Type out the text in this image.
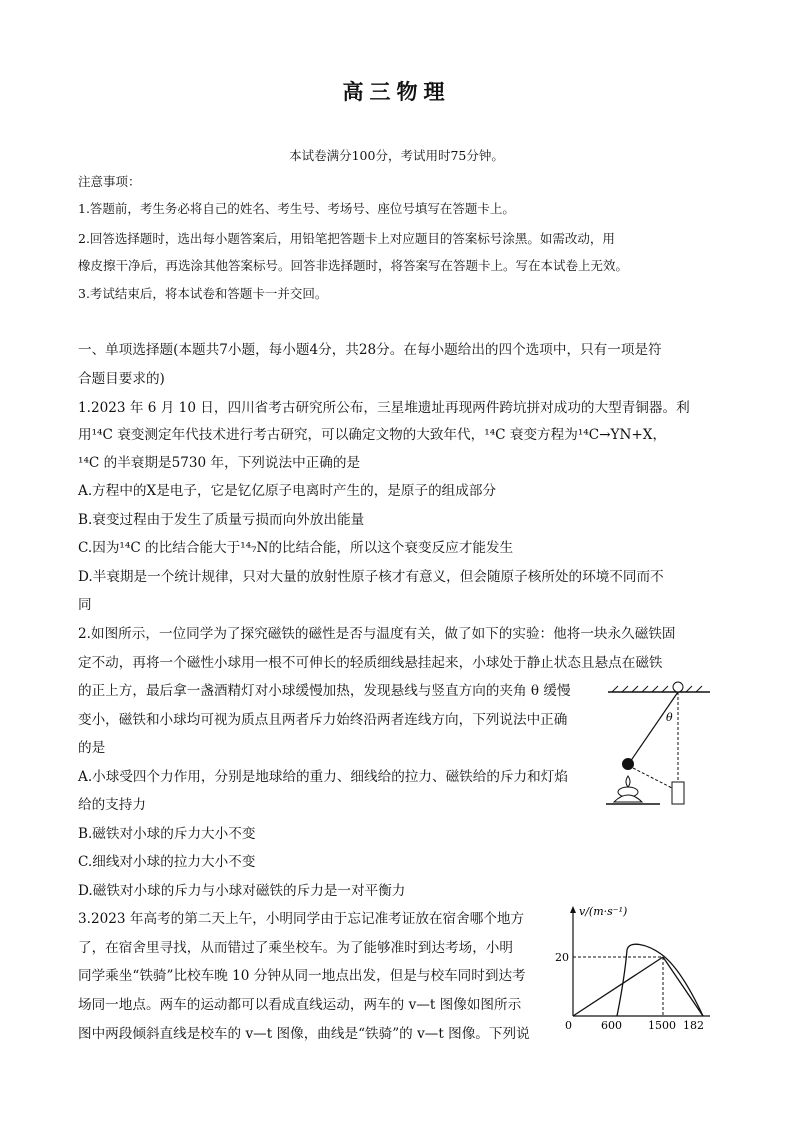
高三物理
本试卷满分100分，考试用时75分钟。
注意事项：
1.答题前，考生务必将自己的姓名、考生号、考场号、座位号填写在答题卡上。
2.回答选择题时，选出每小题答案后，用铅笔把答题卡上对应题目的答案标号涂黑。如需改动，用
橡皮擦干净后，再选涂其他答案标号。回答非选择题时，将答案写在答题卡上。写在本试卷上无效。
3.考试结束后，将本试卷和答题卡一并交回。
一、单项选择题(本题共7小题，每小题4分，共28分。在每小题给出的四个选项中，只有一项是符
合题目要求的)
1.2023 年 6 月 10 日，四川省考古研究所公布，三星堆遗址再现两件跨坑拼对成功的大型青铜器。利
用¹⁴C 衰变测定年代技术进行考古研究，可以确定文物的大致年代，¹⁴C 衰变方程为¹⁴C→YN+X，
¹⁴C 的半衰期是5730 年，下列说法中正确的是
A.方程中的X是电子，它是钇亿原子电离时产生的，是原子的组成部分
B.衰变过程由于发生了质量亏损而向外放出能量
C.因为¹⁴C 的比结合能大于¹⁴₇N的比结合能，所以这个衰变反应才能发生
D.半衰期是一个统计规律，只对大量的放射性原子核才有意义，但会随原子核所处的环境不同而不
同
2.如图所示，一位同学为了探究磁铁的磁性是否与温度有关，做了如下的实验：他将一块永久磁铁固
定不动，再将一个磁性小球用一根不可伸长的轻质细线悬挂起来，小球处于静止状态且悬点在磁铁
的正上方，最后拿一盏酒精灯对小球缓慢加热，发现悬线与竖直方向的夹角 θ 缓慢
变小，磁铁和小球均可视为质点且两者斥力始终沿两者连线方向，下列说法中正确
的是
A.小球受四个力作用，分别是地球给的重力、细线给的拉力、磁铁给的斥力和灯焰
给的支持力
B.磁铁对小球的斥力大小不变
C.细线对小球的拉力大小不变
D.磁铁对小球的斥力与小球对磁铁的斥力是一对平衡力
θ
3.2023 年高考的第二天上午，小明同学由于忘记准考证放在宿舍哪个地方
了，在宿舍里寻找，从而错过了乘坐校车。为了能够准时到达考场，小明
同学乘坐“铁骑”比校车晚 10 分钟从同一地点出发，但是与校车同时到达考
场同一地点。两车的运动都可以看成直线运动，两车的 v—t 图像如图所示
图中两段倾斜直线是校车的 v—t 图像，曲线是“铁骑”的 v—t 图像。下列说
v/(m·s⁻¹)
20
0	600 1500 182
